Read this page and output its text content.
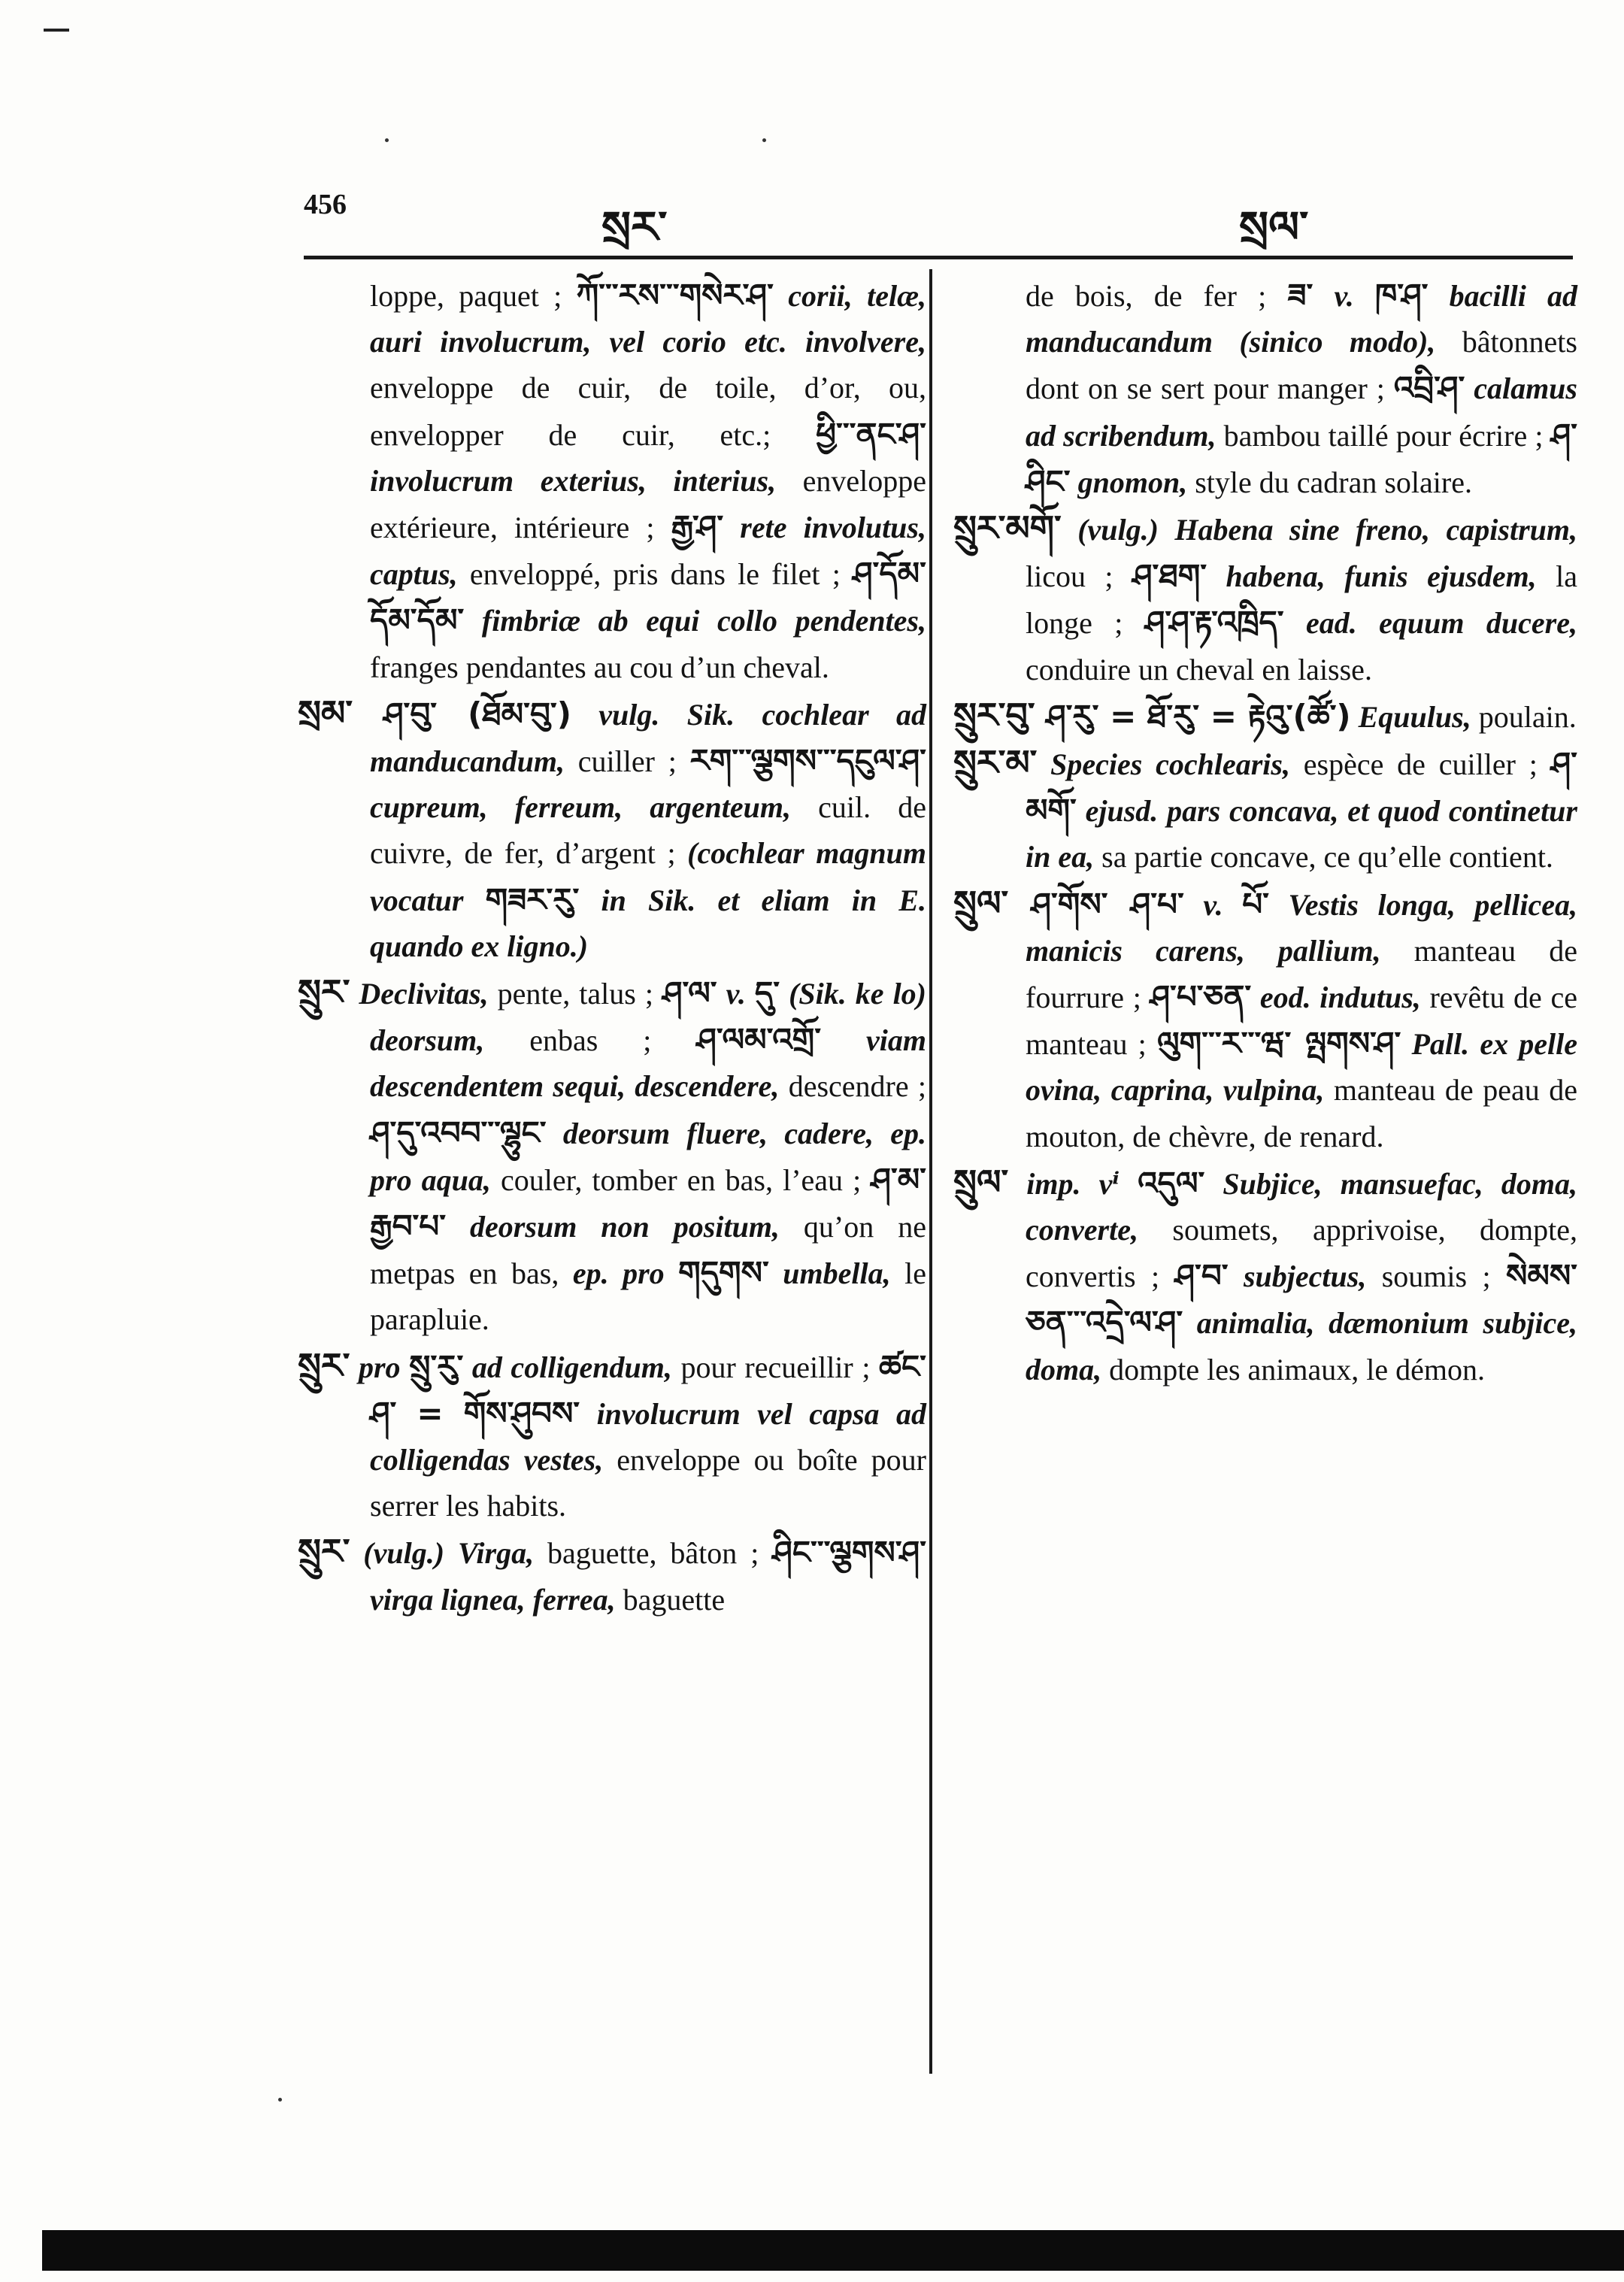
456	སྲར་	སྲལ་

loppe, paquet ; ཀོ་་་རས་་་གསེར་ཤ་ corii, telæ, auri involucrum, vel corio etc. involvere, enveloppe de cuir, de toile, d’or, ou, envelopper de cuir, etc.; ཕྱི་་་ནང་ཤ་ involucrum exterius, interius, enveloppe extérieure, intérieure ; རྒྱ་ཤ་ rete involutus, captus, enveloppé, pris dans le filet ; ཤ་དོམ་ དོམ་དོམ་ fimbriæ ab equi collo pendentes, franges pendantes au cou d’un cheval.

སྲམ་ ཤ་བུ་ (ཐོམ་བུ་) vulg. Sik. cochlear ad manducandum, cuiller ; རག་་་ལྕགས་་་དངུལ་ཤ་ cupreum, ferreum, argenteum, cuil. de cuivre, de fer, d’argent ; (cochlear magnum vocatur གཟར་རུ་ in Sik. et eliam in E. quando ex ligno.)

སྲུར་ Declivitas, pente, talus ; ཤ་ལ་ v. དུ་ (Sik. ke lo) deorsum, enbas ; ཤ་ལམ་འགྲོ་ viam descendentem sequi, descendere, descendre ; ཤ་དུ་འབབ་་་ལྷུང་ deorsum fluere, cadere, ep. pro aqua, couler, tomber en bas, l’eau ; ཤ་མ་རྒྱབ་པ་ deorsum non positum, qu’on ne metpas en bas, ep. pro གདུགས་ umbella, le parapluie.

སྲུར་ pro སྲུ་རུ་ ad colligendum, pour recueillir ; ཚང་ཤ་ = གོས་ཤུབས་ involucrum vel capsa ad colligendas vestes, enveloppe ou boîte pour serrer les habits.

སྲུར་ (vulg.) Virga, baguette, bâton ; ཤིང་་་ལྕགས་ཤ་ virga lignea, ferrea, baguette

de bois, de fer ; ཟ་ v. ཁ་ཤ་ bacilli ad manducandum (sinico modo), bâtonnets dont on se sert pour manger ; འབྲི་ཤ་ calamus ad scribendum, bambou taillé pour écrire ; ཤ་ཤིང་ gnomon, style du cadran solaire.

སྲུར་མགོ་ (vulg.) Habena sine freno, capistrum, licou ; ཤ་ཐག་ habena, funis ejusdem, la longe ; ཤ་ཤ་རྟ་འཁྲིད་ ead. equum ducere, conduire un cheval en laisse.

སྲུར་བུ་ ཤ་རུ་ = ཐོ་རུ་ = རྟེའུ་(ཚོ་) Equulus, poulain.

སྲུར་མ་ Species cochlearis, espèce de cuiller ; ཤ་མགོ་ ejusd. pars concava, et quod continetur in ea, sa partie concave, ce qu’elle contient.

སྲུལ་ ཤ་གོས་ ཤ་པ་ v. པོ་ Vestis longa, pellicea, manicis carens, pallium, manteau de fourrure ; ཤ་པ་ཅན་ eod. indutus, revêtu de ce manteau ; ལུག་་་ར་་་ཝ་ ལྤགས་ཤ་ Pall. ex pelle ovina, caprina, vulpina, manteau de peau de mouton, de chèvre, de renard.

སྲུལ་ imp. vⁱ འདུལ་ Subjice, mansuefac, doma, converte, soumets, apprivoise, dompte, convertis ; ཤ་བ་ subjectus, soumis ; སེམས་ཅན་་་འདྲེ་ལ་ཤ་ animalia, dæmonium subjice, doma, dompte les animaux, le démon.
